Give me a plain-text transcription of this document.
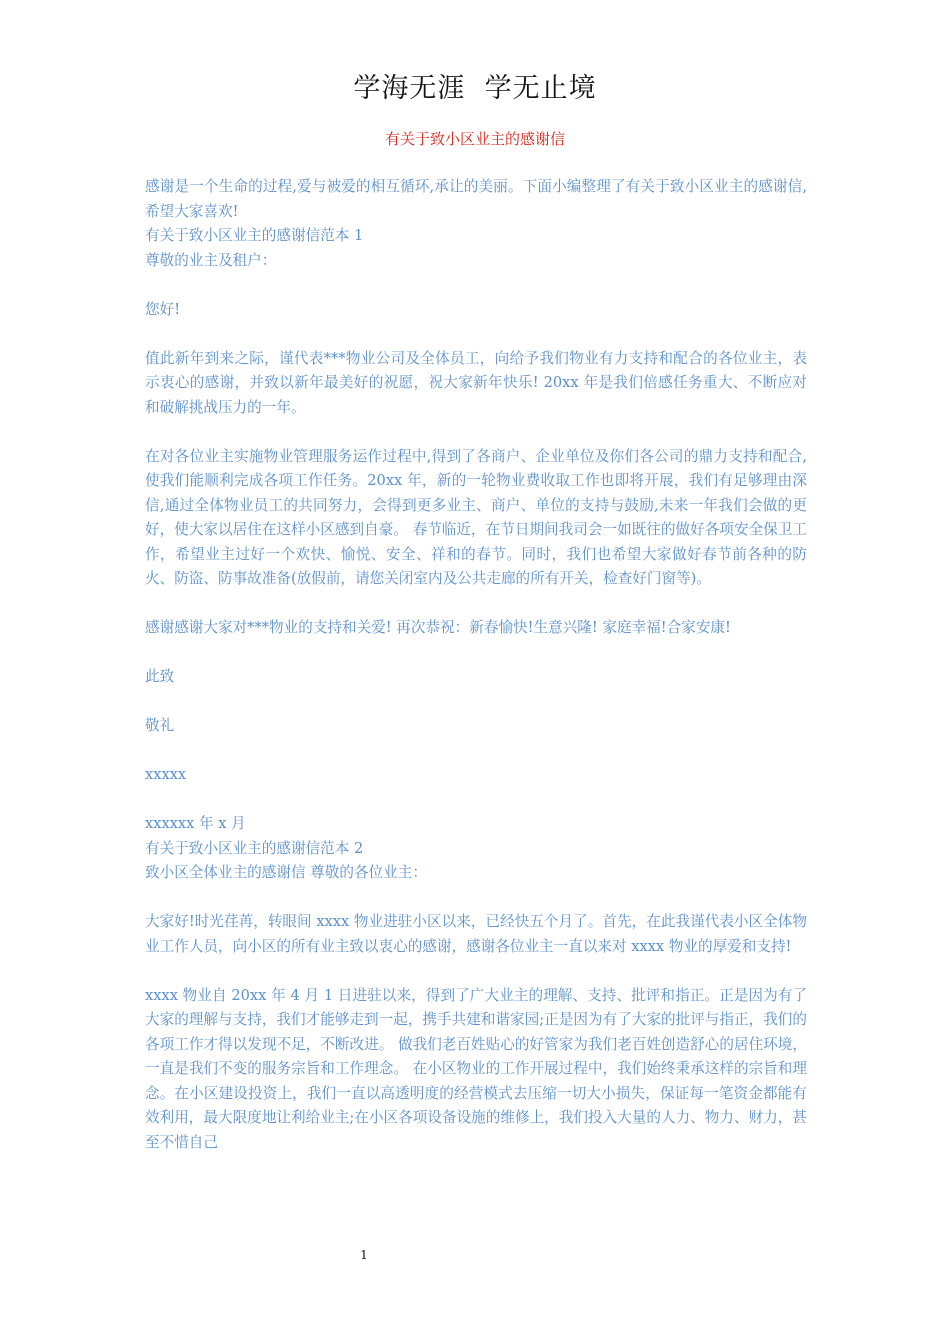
学海无涯  学无止境
有关于致小区业主的感谢信

感谢是一个生命的过程,爱与被爱的相互循环,承让的美丽。下面小编整理了有关于致小区业主的感谢信,希望大家喜欢!

有关于致小区业主的感谢信范本 1

尊敬的业主及租户：

您好!

值此新年到来之际，谨代表***物业公司及全体员工，向给予我们物业有力支持和配合的各位业主，表示衷心的感谢，并致以新年最美好的祝愿，祝大家新年快乐! 20xx 年是我们倍感任务重大、不断应对和破解挑战压力的一年。

在对各位业主实施物业管理服务运作过程中,得到了各商户、企业单位及你们各公司的鼎力支持和配合,使我们能顺利完成各项工作任务。20xx 年，新的一轮物业费收取工作也即将开展，我们有足够理由深信,通过全体物业员工的共同努力，会得到更多业主、商户、单位的支持与鼓励,未来一年我们会做的更好，使大家以居住在这样小区感到自豪。 春节临近，在节日期间我司会一如既往的做好各项安全保卫工作，希望业主过好一个欢快、愉悦、安全、祥和的春节。同时，我们也希望大家做好春节前各种的防火、防盗、防事故准备(放假前，请您关闭室内及公共走廊的所有开关，检查好门窗等)。

感谢感谢大家对***物业的支持和关爱! 再次恭祝：新春愉快!生意兴隆! 家庭幸福!合家安康!

此致

敬礼

xxxxx

xxxxxx 年 x 月

有关于致小区业主的感谢信范本 2

致小区全体业主的感谢信 尊敬的各位业主：

大家好!时光荏苒，转眼间 xxxx 物业进驻小区以来，已经快五个月了。首先，在此我谨代表小区全体物业工作人员，向小区的所有业主致以衷心的感谢，感谢各位业主一直以来对 xxxx 物业的厚爱和支持!

xxxx 物业自 20xx 年 4 月 1 日进驻以来，得到了广大业主的理解、支持、批评和指正。正是因为有了大家的理解与支持，我们才能够走到一起，携手共建和谐家园;正是因为有了大家的批评与指正，我们的各项工作才得以发现不足，不断改进。 做我们老百姓贴心的好管家为我们老百姓创造舒心的居住环境，一直是我们不变的服务宗旨和工作理念。 在小区物业的工作开展过程中，我们始终秉承这样的宗旨和理念。在小区建设投资上，我们一直以高透明度的经营模式去压缩一切大小损失，保证每一笔资金都能有效利用，最大限度地让利给业主;在小区各项设备设施的维修上，我们投入大量的人力、物力、财力，甚至不惜自己

1
